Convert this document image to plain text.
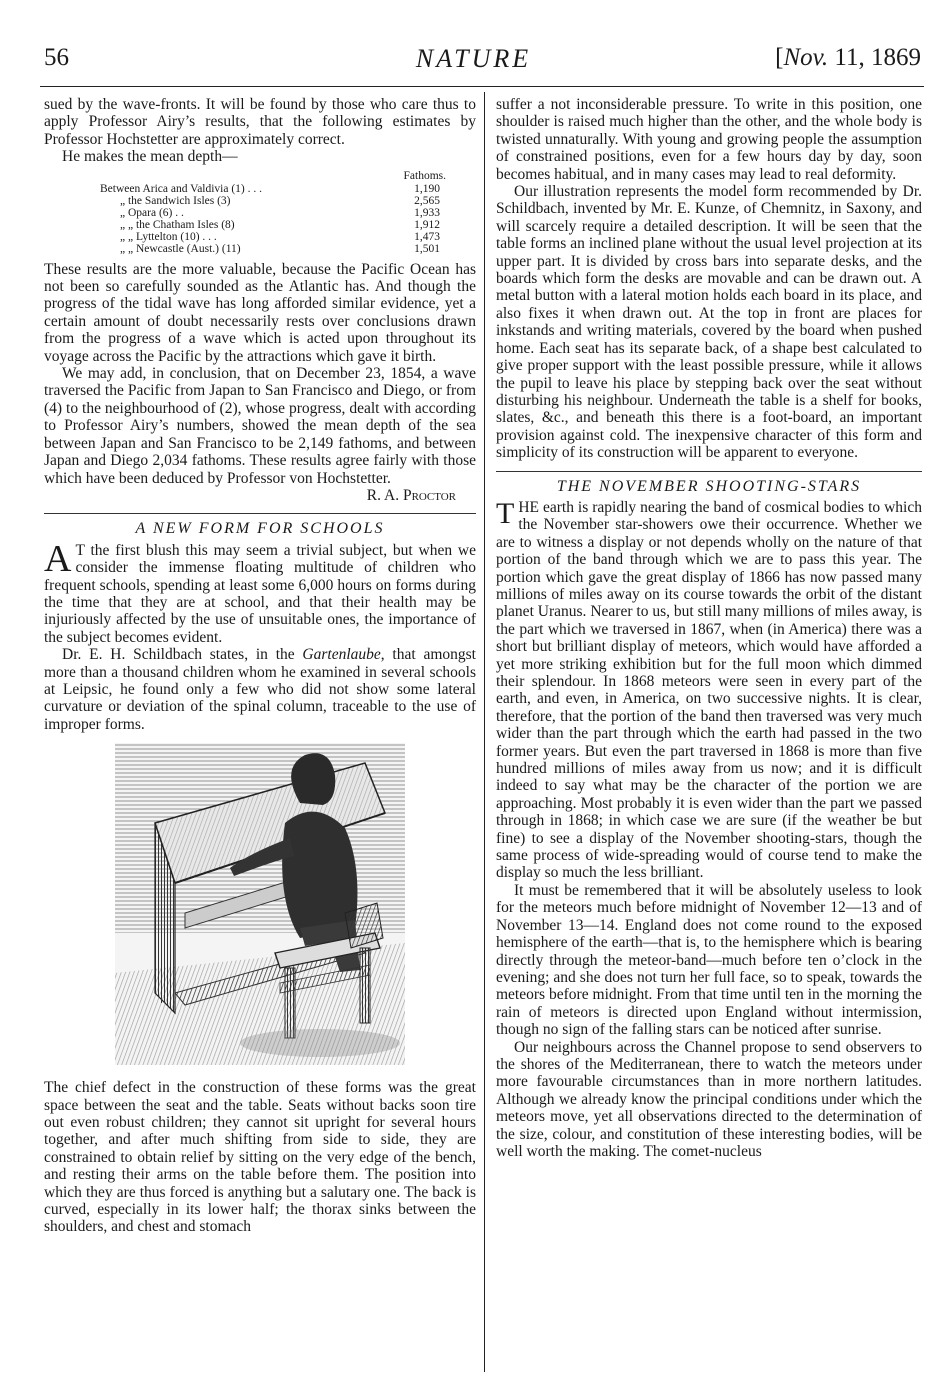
56	NATURE	[Nov. 11, 1869

sued by the wave-fronts. It will be found by those who care thus to apply Professor Airy’s results, that the following estimates by Professor Hochstetter are approximately correct.

He makes the mean depth—

Fathoms.
Between Arica and Valdivia (1) . . .	1,190
„ the Sandwich Isles (3)	2,565
„ Opara (6) . .	1,933
„ „ the Chatham Isles (8)	1,912
„ „ Lyttelton (10) . . .	1,473
„ „ Newcastle (Aust.) (11)	1,501

These results are the more valuable, because the Pacific Ocean has not been so carefully sounded as the Atlantic has. And though the progress of the tidal wave has long afforded similar evidence, yet a certain amount of doubt necessarily rests over conclusions drawn from the progress of a wave which is acted upon throughout its voyage across the Pacific by the attractions which gave it birth.

We may add, in conclusion, that on December 23, 1854, a wave traversed the Pacific from Japan to San Francisco and Diego, or from (4) to the neighbourhood of (2), whose progress, dealt with according to Professor Airy’s numbers, showed the mean depth of the sea between Japan and San Francisco to be 2,149 fathoms, and between Japan and Diego 2,034 fathoms. These results agree fairly with those which have been deduced by Professor von Hochstetter.

R. A. Proctor
A NEW FORM FOR SCHOOLS

A T the first blush this may seem a trivial subject, but when we consider the immense floating multitude of children who frequent schools, spending at least some 6,000 hours on forms during the time that they are at school, and that their health may be injuriously affected by the use of unsuitable ones, the importance of the subject becomes evident.

Dr. E. H. Schildbach states, in the Gartenlaube, that amongst more than a thousand children whom he examined in several schools at Leipsic, he found only a few who did not show some lateral curvature or deviation of the spinal column, traceable to the use of improper forms.

The chief defect in the construction of these forms was the great space between the seat and the table. Seats without backs soon tire out even robust children; they cannot sit upright for several hours together, and after much shifting from side to side, they are constrained to obtain relief by sitting on the very edge of the bench, and resting their arms on the table before them. The position into which they are thus forced is anything but a salutary one. The back is curved, especially in its lower half; the thorax sinks between the shoulders, and chest and stomach

suffer a not inconsiderable pressure. To write in this position, one shoulder is raised much higher than the other, and the whole body is twisted unnaturally. With young and growing people the assumption of constrained positions, even for a few hours day by day, soon becomes habitual, and in many cases may lead to real deformity.

Our illustration represents the model form recommended by Dr. Schildbach, invented by Mr. E. Kunze, of Chemnitz, in Saxony, and will scarcely require a detailed description. It will be seen that the table forms an inclined plane without the usual level projection at its upper part. It is divided by cross bars into separate desks, and the boards which form the desks are movable and can be drawn out. A metal button with a lateral motion holds each board in its place, and also fixes it when drawn out. At the top in front are places for inkstands and writing materials, covered by the board when pushed home. Each seat has its separate back, of a shape best calculated to give proper support with the least possible pressure, while it allows the pupil to leave his place by stepping back over the seat without disturbing his neighbour. Underneath the table is a shelf for books, slates, &c., and beneath this there is a foot-board, an important provision against cold. The inexpensive character of this form and simplicity of its construction will be apparent to everyone.

THE NOVEMBER SHOOTING-STARS

THE earth is rapidly nearing the band of cosmical bodies to which the November star-showers owe their occurrence. Whether we are to witness a display or not depends wholly on the nature of that portion of the band through which we are to pass this year. The portion which gave the great display of 1866 has now passed many millions of miles away on its course towards the orbit of the distant planet Uranus. Nearer to us, but still many millions of miles away, is the part which we traversed in 1867, when (in America) there was a short but brilliant display of meteors, which would have afforded a yet more striking exhibition but for the full moon which dimmed their splendour. In 1868 meteors were seen in every part of the earth, and even, in America, on two successive nights. It is clear, therefore, that the portion of the band then traversed was very much wider than the part through which the earth had passed in the two former years. But even the part traversed in 1868 is more than five hundred millions of miles away from us now; and it is difficult indeed to say what may be the character of the portion we are approaching. Most probably it is even wider than the part we passed through in 1868; in which case we are sure (if the weather be but fine) to see a display of the November shooting-stars, though the same process of wide-spreading would of course tend to make the display so much the less brilliant.

It must be remembered that it will be absolutely useless to look for the meteors much before midnight of November 12—13 and of November 13—14. England does not come round to the exposed hemisphere of the earth—that is, to the hemisphere which is bearing directly through the meteor-band—much before ten o’clock in the evening; and she does not turn her full face, so to speak, towards the meteors before midnight. From that time until ten in the morning the rain of meteors is directed upon England without intermission, though no sign of the falling stars can be noticed after sunrise.

Our neighbours across the Channel propose to send observers to the shores of the Mediterranean, there to watch the meteors under more favourable circumstances than in more northern latitudes. Although we already know the principal conditions under which the meteors move, yet all observations directed to the determination of the size, colour, and constitution of these interesting bodies, will be well worth the making. The comet-nucleus
